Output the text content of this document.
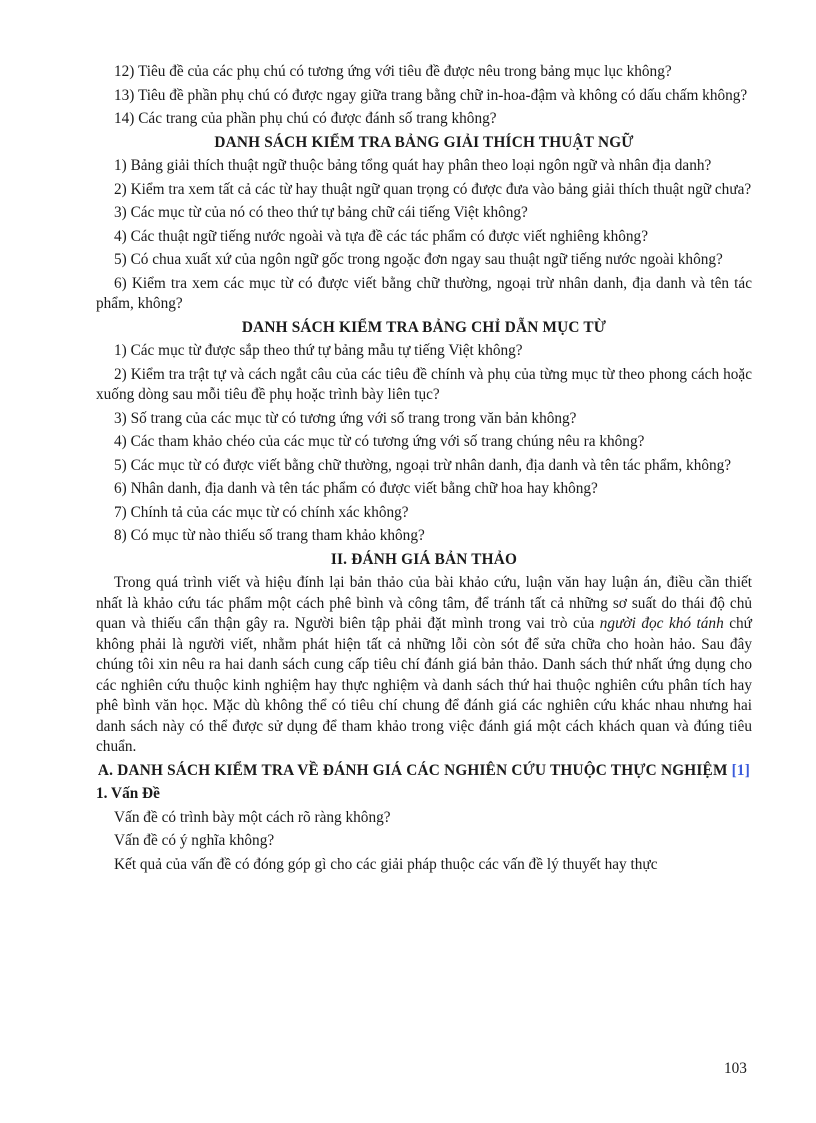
12) Tiêu đề của các phụ chú có tương ứng với tiêu đề được nêu trong bảng mục lục không?

13) Tiêu đề phần phụ chú có được ngay giữa trang bằng chữ in-hoa-đậm và không có dấu chấm không?

14) Các trang của phần phụ chú có được đánh số trang không?

DANH SÁCH KIỂM TRA BẢNG GIẢI THÍCH THUẬT NGỮ

1) Bảng giải thích thuật ngữ thuộc bảng tổng quát hay phân theo loại ngôn ngữ và nhân địa danh?

2) Kiểm tra xem tất cả các từ hay thuật ngữ quan trọng có được đưa vào bảng giải thích thuật ngữ chưa?

3) Các mục từ của nó có theo thứ tự bảng chữ cái tiếng Việt không?

4) Các thuật ngữ tiếng nước ngoài và tựa đề các tác phẩm có được viết nghiêng không?

5) Có chua xuất xứ của ngôn ngữ gốc trong ngoặc đơn ngay sau thuật ngữ tiếng nước ngoài không?

6) Kiểm tra xem các mục từ có được viết bằng chữ thường, ngoại trừ nhân danh, địa danh và tên tác phẩm, không?

DANH SÁCH KIỂM TRA BẢNG CHỈ DẪN MỤC TỪ

1) Các mục từ được sắp theo thứ tự bảng mẫu tự tiếng Việt không?

2) Kiểm tra trật tự và cách ngắt câu của các tiêu đề chính và phụ của từng mục từ theo phong cách hoặc xuống dòng sau mỗi tiêu đề phụ hoặc trình bày liên tục?

3) Số trang của các mục từ có tương ứng với số trang trong văn bản không?

4) Các tham khảo chéo của các mục từ có tương ứng với số trang chúng nêu ra không?

5) Các mục từ có được viết bằng chữ thường, ngoại trừ nhân danh, địa danh và tên tác phẩm, không?

6) Nhân danh, địa danh và tên tác phẩm có được viết bằng chữ hoa hay không?

7) Chính tả của các mục từ có chính xác không?

8) Có mục từ nào thiếu số trang tham khảo không?

II. ĐÁNH GIÁ BẢN THẢO

Trong quá trình viết và hiệu đính lại bản thảo của bài khảo cứu, luận văn hay luận án, điều cần thiết nhất là khảo cứu tác phẩm một cách phê bình và công tâm, để tránh tất cả những sơ suất do thái độ chủ quan và thiếu cẩn thận gây ra. Người biên tập phải đặt mình trong vai trò của người đọc khó tánh chứ không phải là người viết, nhằm phát hiện tất cả những lỗi còn sót để sửa chữa cho hoàn hảo. Sau đây chúng tôi xin nêu ra hai danh sách cung cấp tiêu chí đánh giá bản thảo. Danh sách thứ nhất ứng dụng cho các nghiên cứu thuộc kinh nghiệm hay thực nghiệm và danh sách thứ hai thuộc nghiên cứu phân tích hay phê bình văn học. Mặc dù không thể có tiêu chí chung để đánh giá các nghiên cứu khác nhau nhưng hai danh sách này có thể được sử dụng để tham khảo trong việc đánh giá một cách khách quan và đúng tiêu chuẩn.

A. DANH SÁCH KIỂM TRA VỀ ĐÁNH GIÁ CÁC NGHIÊN CỨU THUỘC THỰC NGHIỆM [1]

1. Vấn Đề

Vấn đề có trình bày một cách rõ ràng không?

Vấn đề có ý nghĩa không?

Kết quả của vấn đề có đóng góp gì cho các giải pháp thuộc các vấn đề lý thuyết hay thực

103
